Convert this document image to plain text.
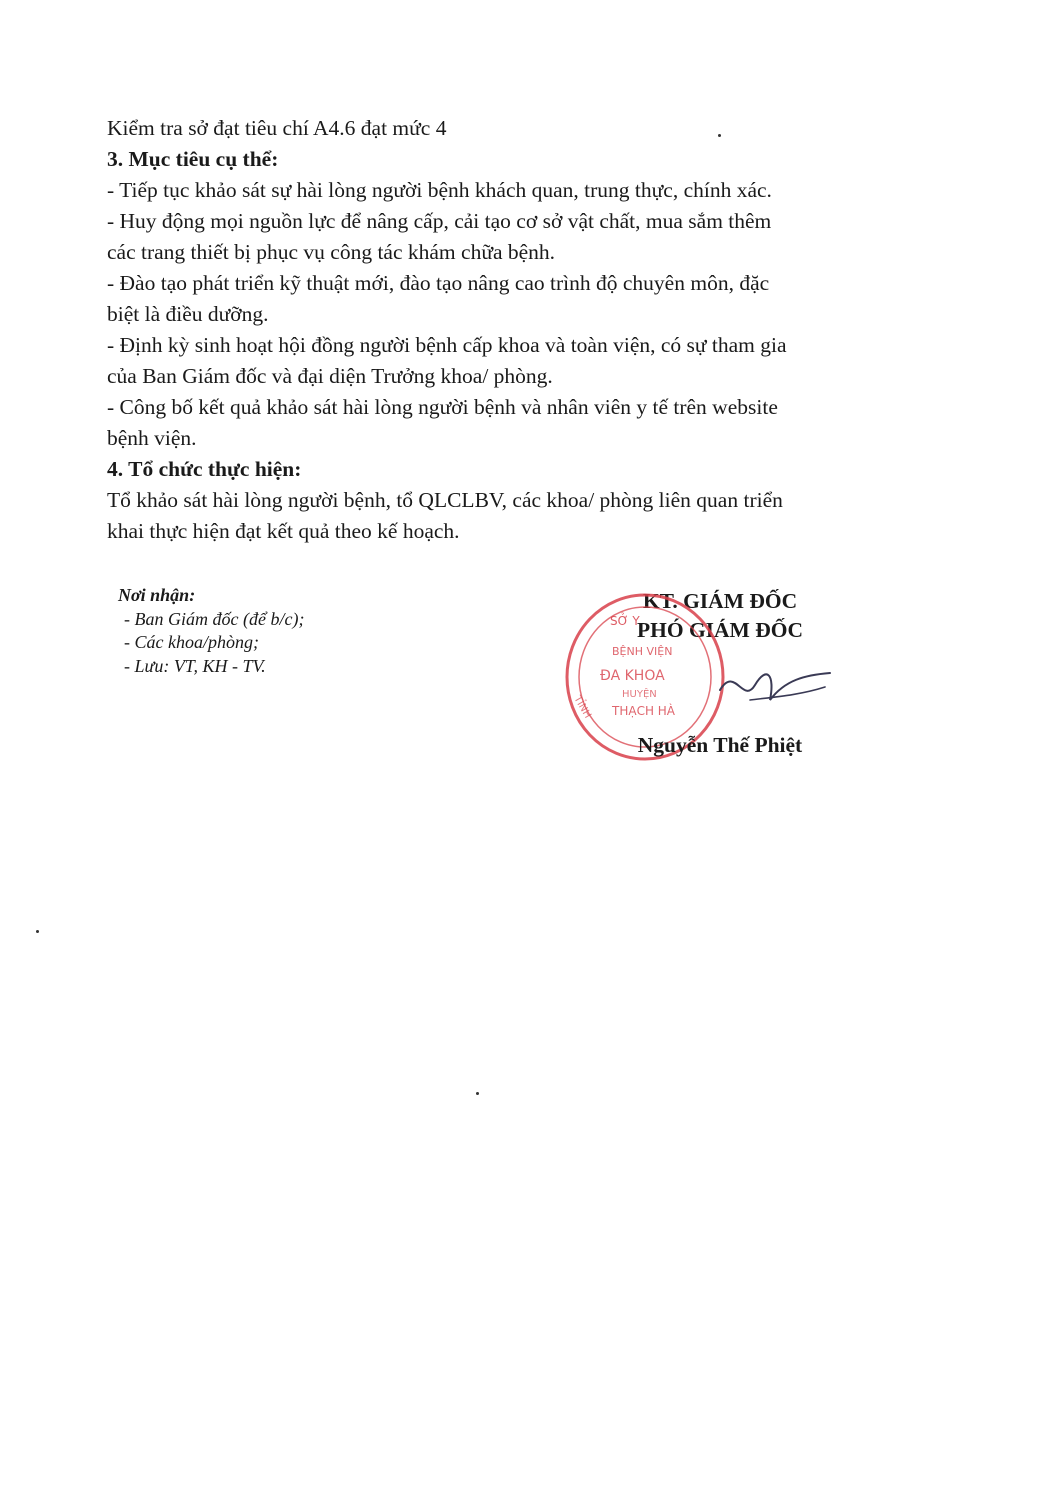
Kiểm tra sở đạt tiêu chí A4.6 đạt mức 4
3. Mục tiêu cụ thể:
- Tiếp tục khảo sát sự hài lòng người bệnh khách quan, trung thực, chính xác.
- Huy động mọi nguồn lực để nâng cấp, cải tạo cơ sở vật chất, mua sắm thêm
các trang thiết bị phục vụ công tác khám chữa bệnh.
- Đào tạo phát triển kỹ thuật mới, đào tạo nâng cao trình độ chuyên môn, đặc
biệt là điều dưỡng.
- Định kỳ sinh hoạt hội đồng người bệnh cấp khoa và toàn viện, có sự tham gia
của Ban Giám đốc và đại diện Trưởng khoa/ phòng.
- Công bố kết quả khảo sát hài lòng người bệnh và nhân viên y tế trên website
bệnh viện.
4. Tổ chức thực hiện:
Tổ khảo sát hài lòng người bệnh, tổ QLCLBV, các khoa/ phòng liên quan triển
khai thực hiện đạt kết quả theo kế hoạch.
Nơi nhận:
- Ban Giám đốc (để b/c);
- Các khoa/phòng;
- Lưu: VT, KH - TV.
KT. GIÁM ĐỐC
PHÓ GIÁM ĐỐC
SỞ Y
BỆNH VIỆN
ĐA KHOA
HUYỆN
THẠCH HÀ
TỈNH
Nguyễn Thế Phiệt
